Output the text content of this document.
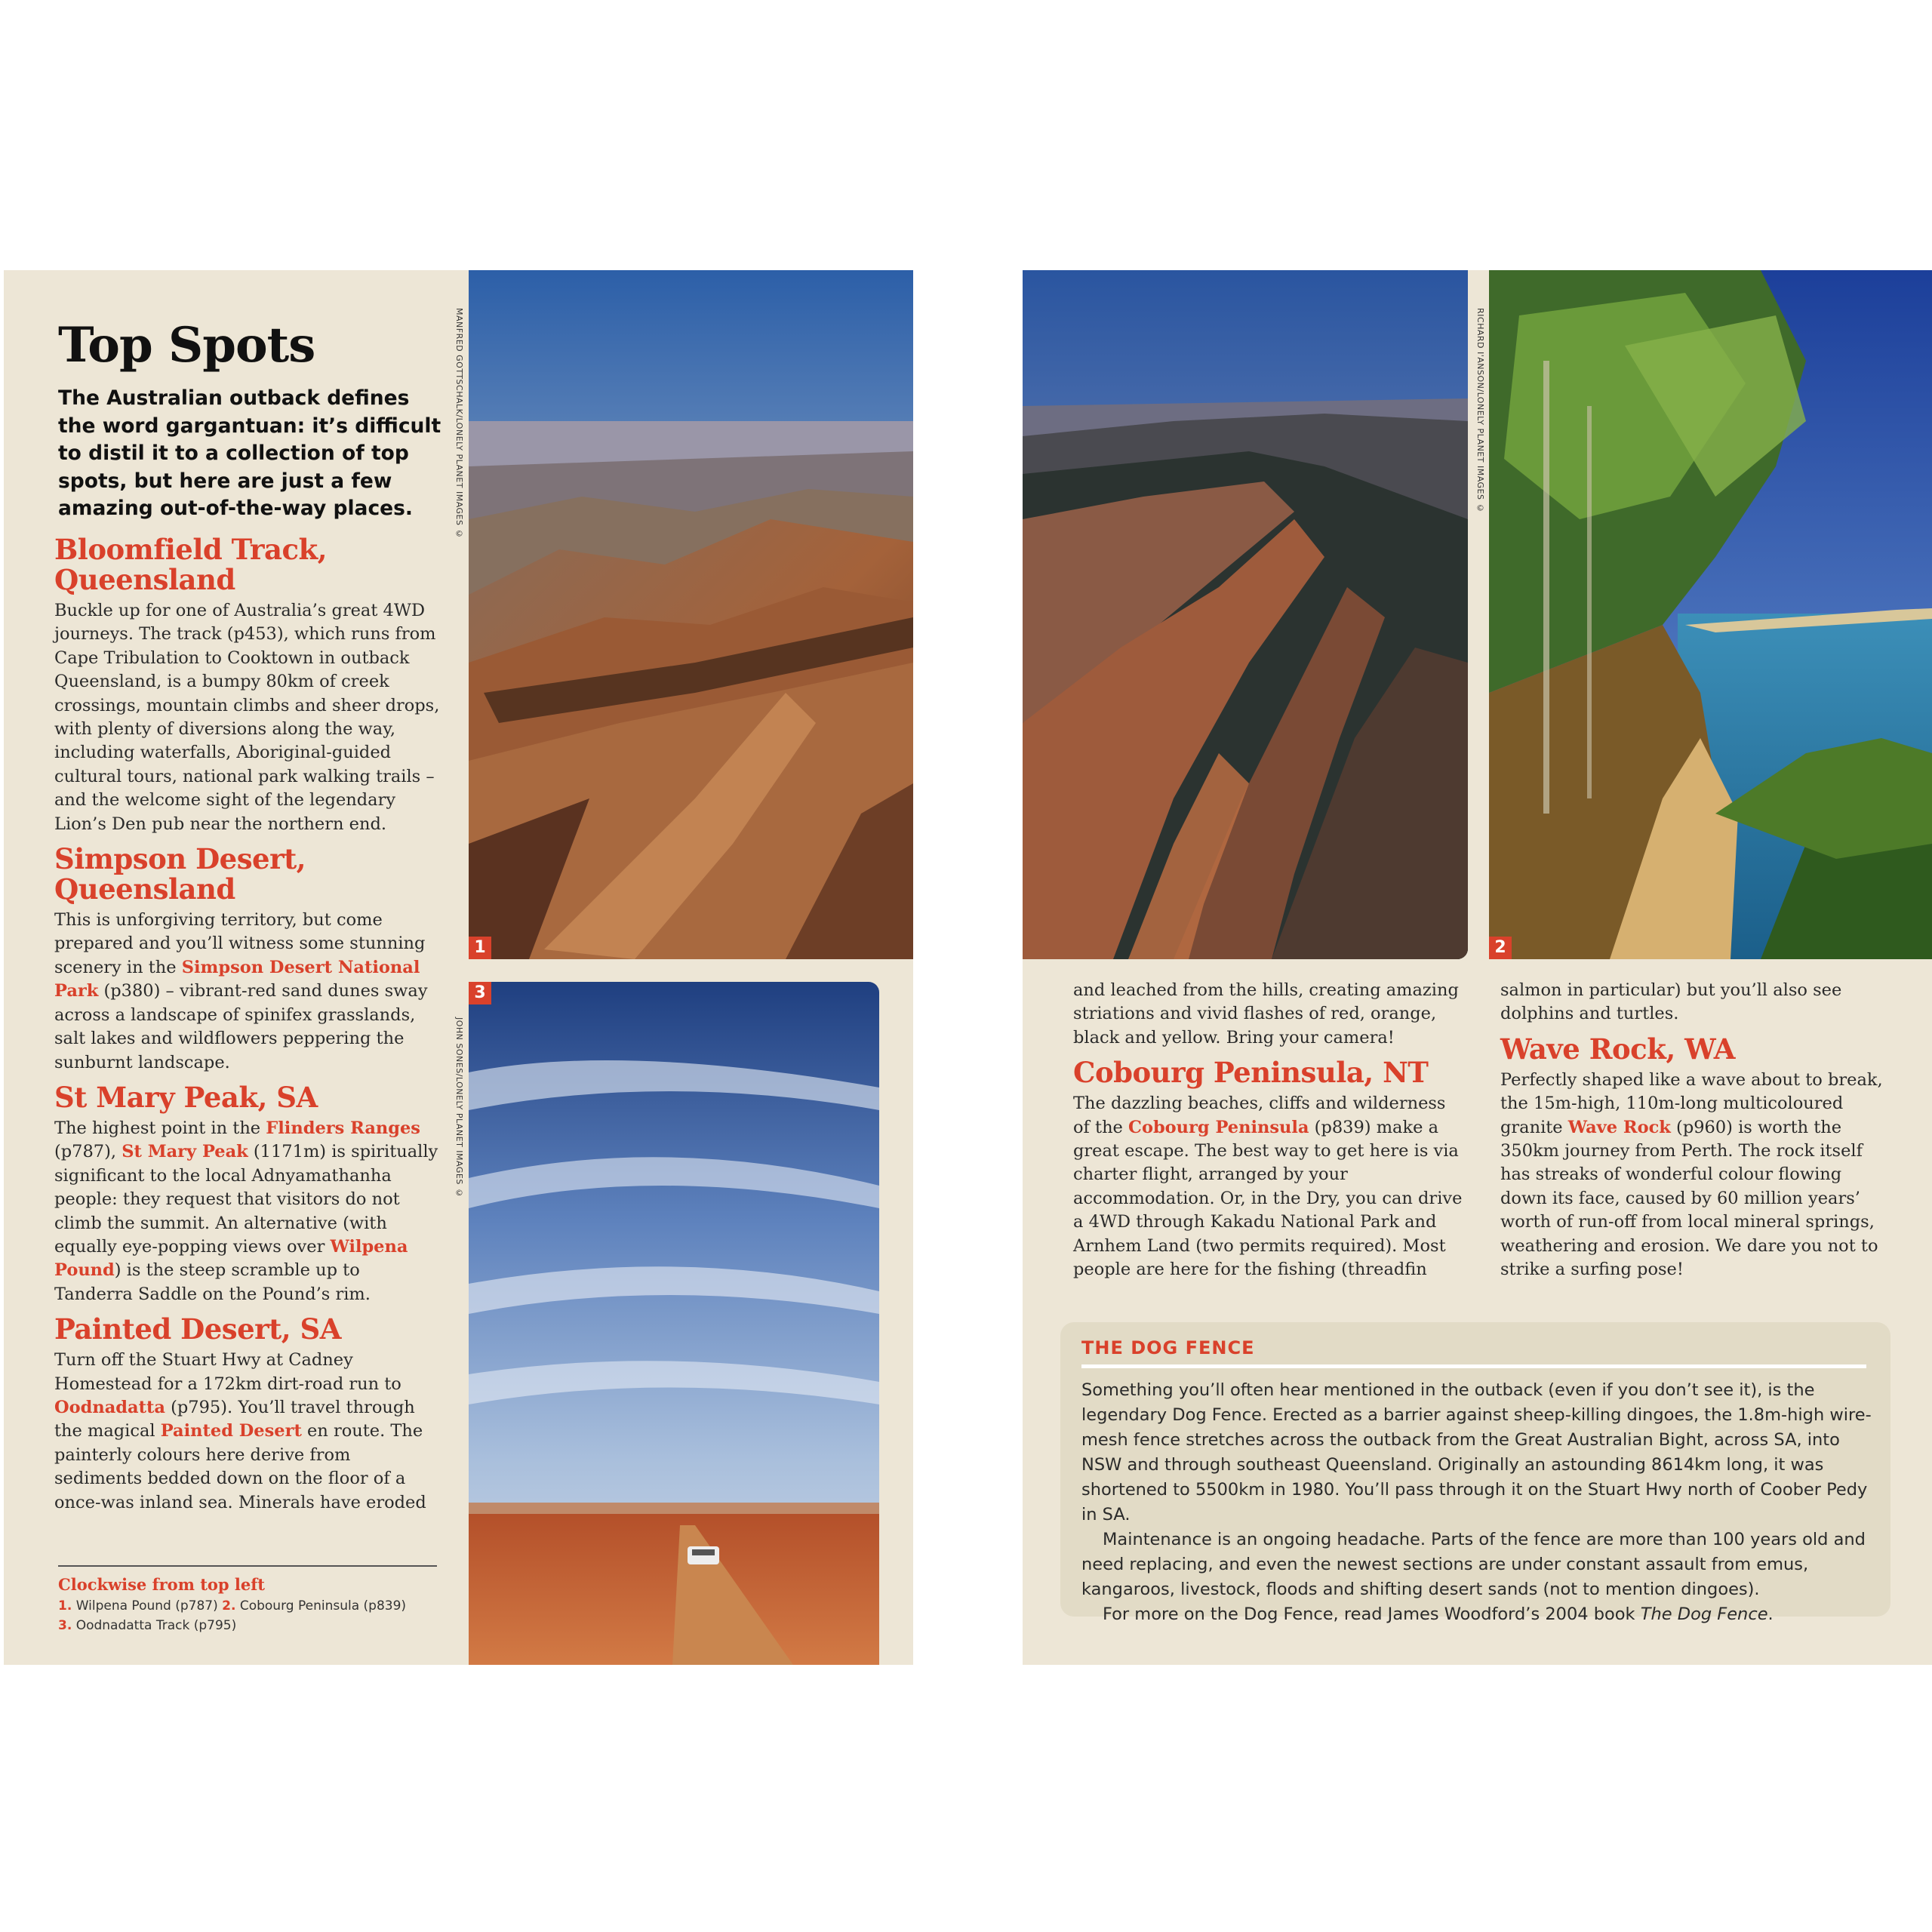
Top Spots

The Australian outback defines the word gargantuan: it’s difficult to distil it to a collection of top spots, but here are just a few amazing out-of-the-way places.

Bloomfield Track,
Queensland

Buckle up for one of Australia’s great 4WD journeys. The track (p453), which runs from Cape Tribulation to Cooktown in outback Queensland, is a bumpy 80km of creek crossings, mountain climbs and sheer drops, with plenty of diversions along the way, including waterfalls, Aboriginal-guided cultural tours, national park walking trails – and the welcome sight of the legendary Lion’s Den pub near the northern end.

Simpson Desert,
Queensland

This is unforgiving territory, but come prepared and you’ll witness some stunning scenery in the Simpson Desert National Park (p380) – vibrant-red sand dunes sway across a landscape of spinifex grasslands, salt lakes and wildflowers peppering the sunburnt landscape.

St Mary Peak, SA

The highest point in the Flinders Ranges (p787), St Mary Peak (1171m) is spiritually significant to the local Adnyamathanha people: they request that visitors do not climb the summit. An alternative (with equally eye-popping views over Wilpena Pound) is the steep scramble up to Tanderra Saddle on the Pound’s rim.

Painted Desert, SA

Turn off the Stuart Hwy at Cadney Homestead for a 172km dirt-road run to Oodnadatta (p795). You’ll travel through the magical Painted Desert en route. The painterly colours here derive from sediments bedded down on the floor of a once-was inland sea. Minerals have eroded

Clockwise from top left
1. Wilpena Pound (p787) 2. Cobourg Peninsula (p839)
3. Oodnadatta Track (p795)
MANFRED GOTTSCHALK/LONELY PLANET IMAGES ©
JOHN SONES/LONELY PLANET IMAGES ©
1
3
2
RICHARD I'ANSON/LONELY PLANET IMAGES ©

and leached from the hills, creating amazing striations and vivid flashes of red, orange, black and yellow. Bring your camera!

Cobourg Peninsula, NT

The dazzling beaches, cliffs and wilderness of the Cobourg Peninsula (p839) make a great escape. The best way to get here is via charter flight, arranged by your accommodation. Or, in the Dry, you can drive a 4WD through Kakadu National Park and Arnhem Land (two permits required). Most people are here for the fishing (threadfin

salmon in particular) but you’ll also see dolphins and turtles.

Wave Rock, WA

Perfectly shaped like a wave about to break, the 15m-high, 110m-long multicoloured granite Wave Rock (p960) is worth the 350km journey from Perth. The rock itself has streaks of wonderful colour flowing down its face, caused by 60 million years’ worth of run-off from local mineral springs, weathering and erosion. We dare you not to strike a surfing pose!

THE DOG FENCE

Something you’ll often hear mentioned in the outback (even if you don’t see it), is the legendary Dog Fence. Erected as a barrier against sheep-killing dingoes, the 1.8m-high wire-mesh fence stretches across the outback from the Great Australian Bight, across SA, into NSW and through southeast Queensland. Originally an astounding 8614km long, it was shortened to 5500km in 1980. You’ll pass through it on the Stuart Hwy north of Coober Pedy in SA.

Maintenance is an ongoing headache. Parts of the fence are more than 100 years old and need replacing, and even the newest sections are under constant assault from emus, kangaroos, livestock, floods and shifting desert sands (not to mention dingoes).

For more on the Dog Fence, read James Woodford’s 2004 book The Dog Fence.
